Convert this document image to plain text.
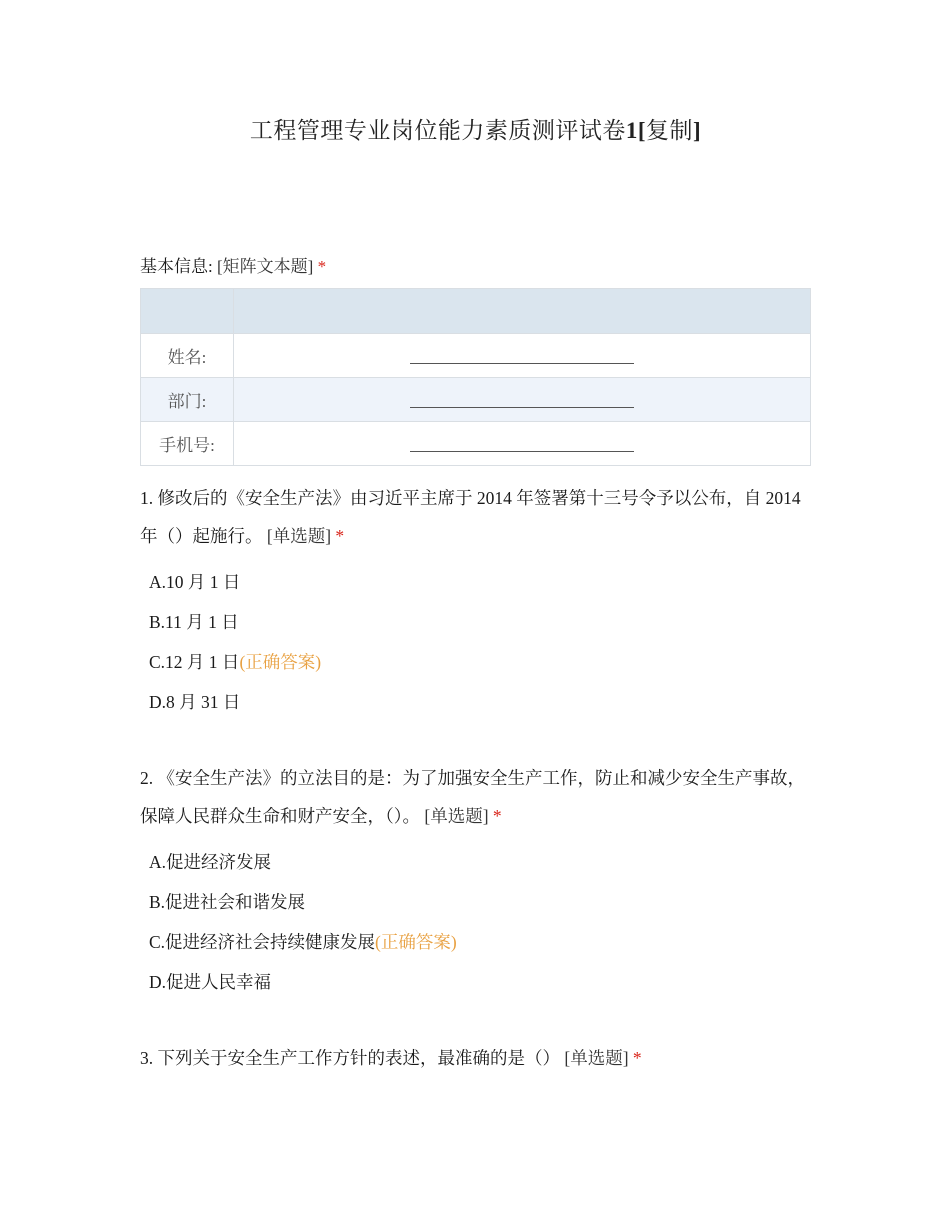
工程管理专业岗位能力素质测评试卷1[复制]
基本信息: [矩阵文本题] *

姓名:	
部门:	
手机号:	
1. 修改后的《安全生产法》由习近平主席于 2014 年签署第十三号令予以公布，自 2014 年（）起施行。 [单选题] *
A.10 月 1 日
B.11 月 1 日
C.12 月 1 日(正确答案)
D.8 月 31 日
2. 《安全生产法》的立法目的是：为了加强安全生产工作，防止和减少安全生产事故，保障人民群众生命和财产安全，（）。 [单选题] *
A.促进经济发展
B.促进社会和谐发展
C.促进经济社会持续健康发展(正确答案)
D.促进人民幸福
3. 下列关于安全生产工作方针的表述，最准确的是（） [单选题] *
